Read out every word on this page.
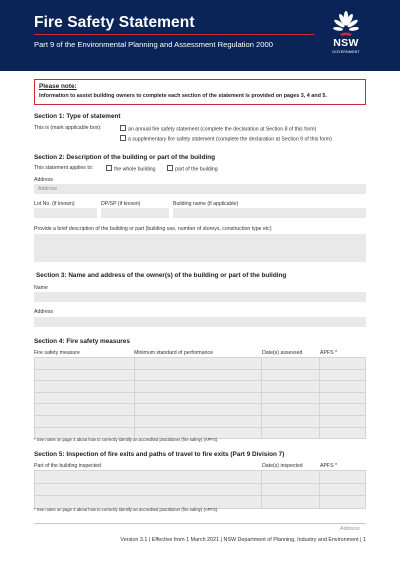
Fire Safety Statement
Part 9 of the Environmental Planning and Assessment Regulation 2000	NSW
GOVERNMENT
Please note:
Information to assist building owners to complete each section of the statement is provided on pages 3, 4 and 5.
Section 1: Type of statement
This is (mark applicable box):	an annual fire safety statement (complete the declaration at Section 8 of this form)
a supplementary fire safety statement (complete the declaration at Section 9 of this form)
Section 2: Description of the building or part of the building
This statement applies to:	the whole building	part of the building
Address
Address
Lot No. (if known)	DP/SP (if known)	Building name (if applicable)
Provide a brief description of the building or part (building use, number of storeys, construction type etc)
Section 3: Name and address of the owner(s) of the building or part of the building
Name
Address
Section 4: Fire safety measures
Fire safety measure	Minimum standard of performance	Date(s) assessed	APFS *

* See notes on page 4 about how to correctly identify an accredited practitioner (fire safety) (APFS).
Section 5: Inspection of fire exits and paths of travel to fire exits (Part 9 Division 7)
Part of the building inspected	Date(s) inspected	APFS *

* See notes on page 4 about how to correctly identify an accredited practitioner (fire safety) (APFS).
Address
Version 3.1 | Effective from 1 March 2021 | NSW Department of Planning, Industry and Environment | 1
